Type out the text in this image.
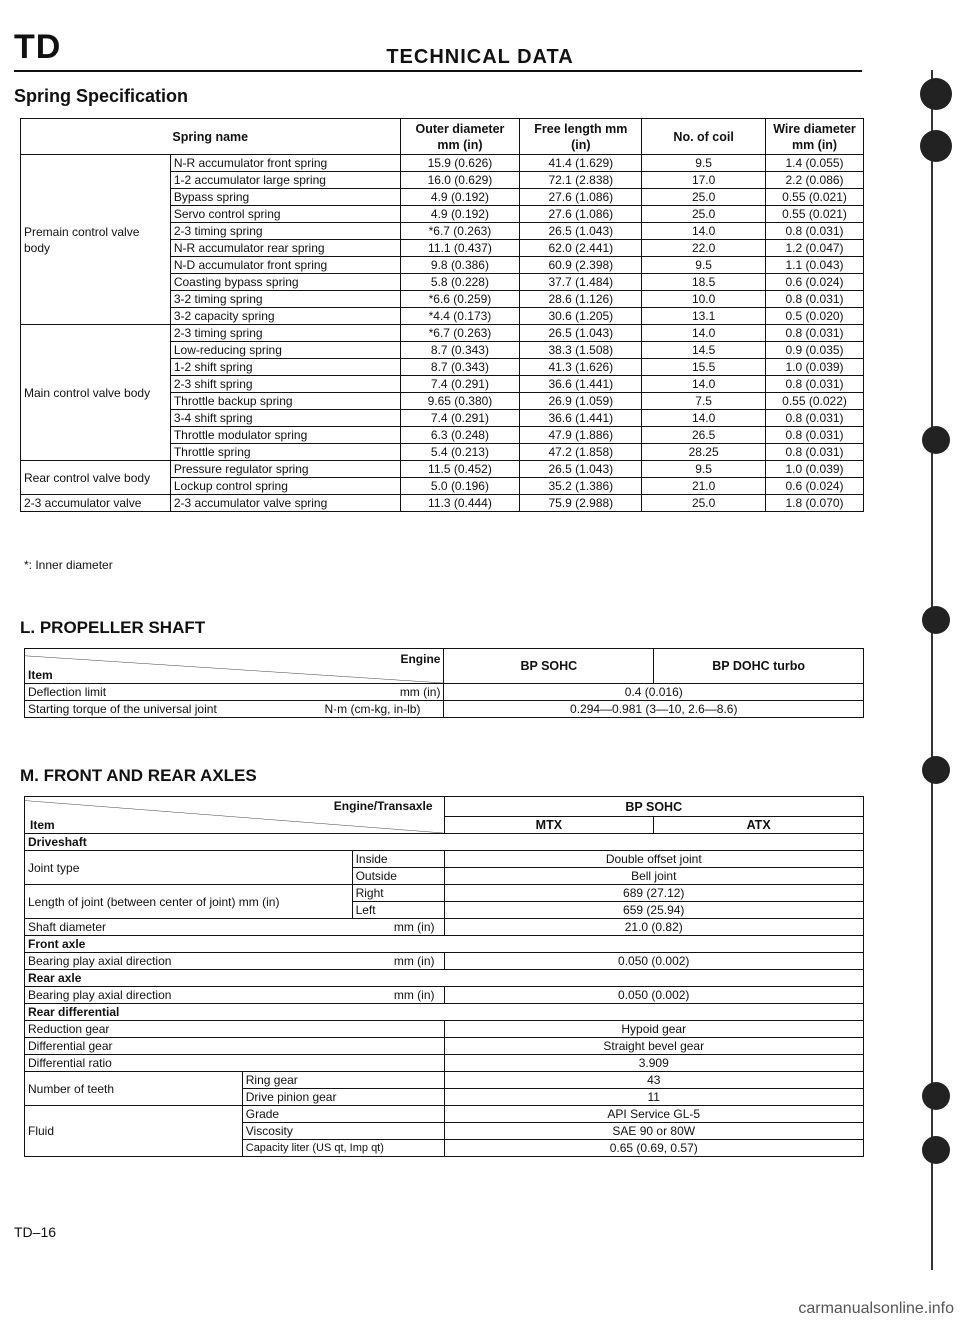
TD	TECHNICAL DATA
Spring Specification
Spring name		Outer diameter mm (in)	Free length mm (in)	No. of coil	Wire diameter mm (in)
Premain control valve body	N-R accumulator front spring	15.9 (0.626)	41.4 (1.629)	9.5	1.4 (0.055)
	1-2 accumulator large spring	16.0 (0.629)	72.1 (2.838)	17.0	2.2 (0.086)
	Bypass spring	4.9 (0.192)	27.6 (1.086)	25.0	0.55 (0.021)
	Servo control spring	4.9 (0.192)	27.6 (1.086)	25.0	0.55 (0.021)
	2-3 timing spring	*6.7 (0.263)	26.5 (1.043)	14.0	0.8 (0.031)
	N-R accumulator rear spring	11.1 (0.437)	62.0 (2.441)	22.0	1.2 (0.047)
	N-D accumulator front spring	9.8 (0.386)	60.9 (2.398)	9.5	1.1 (0.043)
	Coasting bypass spring	5.8 (0.228)	37.7 (1.484)	18.5	0.6 (0.024)
	3-2 timing spring	*6.6 (0.259)	28.6 (1.126)	10.0	0.8 (0.031)
	3-2 capacity spring	*4.4 (0.173)	30.6 (1.205)	13.1	0.5 (0.020)
Main control valve body	2-3 timing spring	*6.7 (0.263)	26.5 (1.043)	14.0	0.8 (0.031)
	Low-reducing spring	8.7 (0.343)	38.3 (1.508)	14.5	0.9 (0.035)
	1-2 shift spring	8.7 (0.343)	41.3 (1.626)	15.5	1.0 (0.039)
	2-3 shift spring	7.4 (0.291)	36.6 (1.441)	14.0	0.8 (0.031)
	Throttle backup spring	9.65 (0.380)	26.9 (1.059)	7.5	0.55 (0.022)
	3-4 shift spring	7.4 (0.291)	36.6 (1.441)	14.0	0.8 (0.031)
	Throttle modulator spring	6.3 (0.248)	47.9 (1.886)	26.5	0.8 (0.031)
	Throttle spring	5.4 (0.213)	47.2 (1.858)	28.25	0.8 (0.031)
Rear control valve body	Pressure regulator spring	11.5 (0.452)	26.5 (1.043)	9.5	1.0 (0.039)
	Lockup control spring	5.0 (0.196)	35.2 (1.386)	21.0	0.6 (0.024)
2-3 accumulator valve	2-3 accumulator valve spring	11.3 (0.444)	75.9 (2.988)	25.0	1.8 (0.070)
*: Inner diameter
L. PROPELLER SHAFT
Item
Engine	BP SOHC	BP DOHC turbo
Deflection limit mm (in)	0.4 (0.016)	
Starting torque of the universal joint N·m (cm-kg, in-lb)	0.294—0.981 (3—10, 2.6—8.6)	
M. FRONT AND REAR AXLES
Engine/Transaxle
Item			BP SOHC	
			MTX	ATX
Driveshaft				
Joint type		Inside	Double offset joint	
		Outside	Bell joint	
Length of joint (between center of joint) mm (in)		Right	689 (27.12)	
		Left	659 (25.94)	
Shaft diameter mm (in)			21.0 (0.82)	
Front axle				
Bearing play axial direction mm (in)			0.050 (0.002)	
Rear axle				
Bearing play axial direction mm (in)			0.050 (0.002)	
Rear differential				
Reduction gear			Hypoid gear	
Differential gear			Straight bevel gear	
Differential ratio			3.909	
Number of teeth	Ring gear		43	
	Drive pinion gear		11	
Fluid	Grade		API Service GL-5	
	Viscosity		SAE 90 or 80W	
	Capacity liter (US qt, Imp qt)		0.65 (0.69, 0.57)	
TD–16
carmanualsonline.info
